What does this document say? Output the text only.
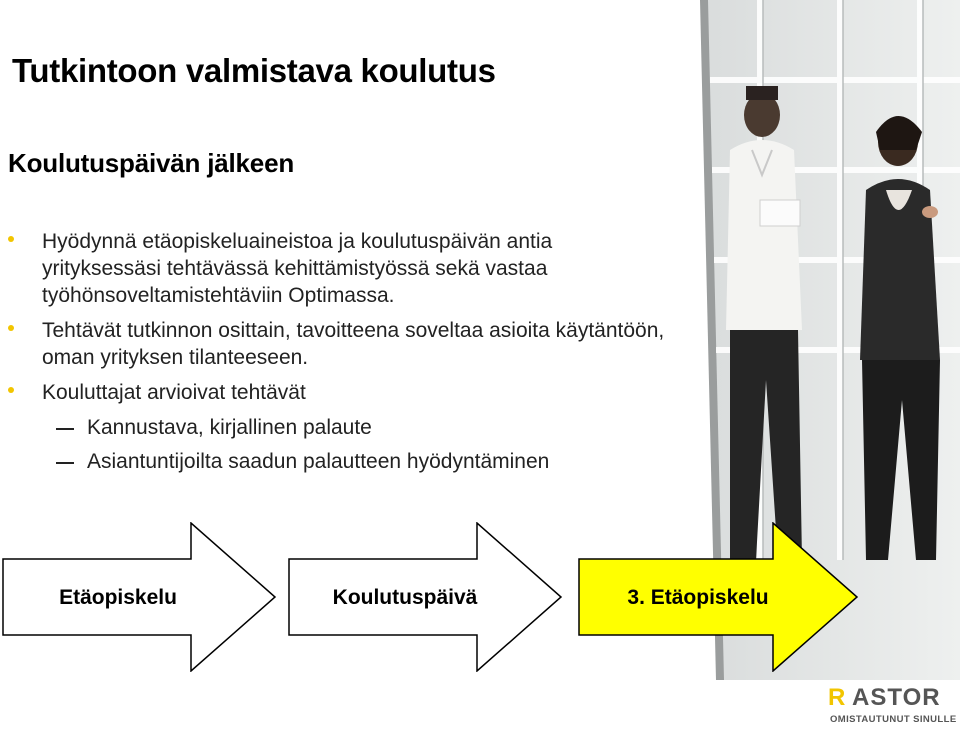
Tutkintoon valmistava koulutus
Koulutuspäivän jälkeen
Hyödynnä etäopiskeluaineistoa ja koulutuspäivän antia yrityksessäsi tehtävässä kehittämistyössä sekä vastaa työhönsoveltamistehtäviin Optimassa.
Tehtävät tutkinnon osittain, tavoitteena soveltaa asioita käytäntöön, oman yrityksen tilanteeseen.
Kouluttajat arvioivat tehtävät
Kannustava, kirjallinen palaute
Asiantuntijoilta saadun palautteen hyödyntäminen
Etäopiskelu	Koulutuspäivä	3. Etäopiskelu
R ASTOR
OMISTAUTUNUT SINULLE
